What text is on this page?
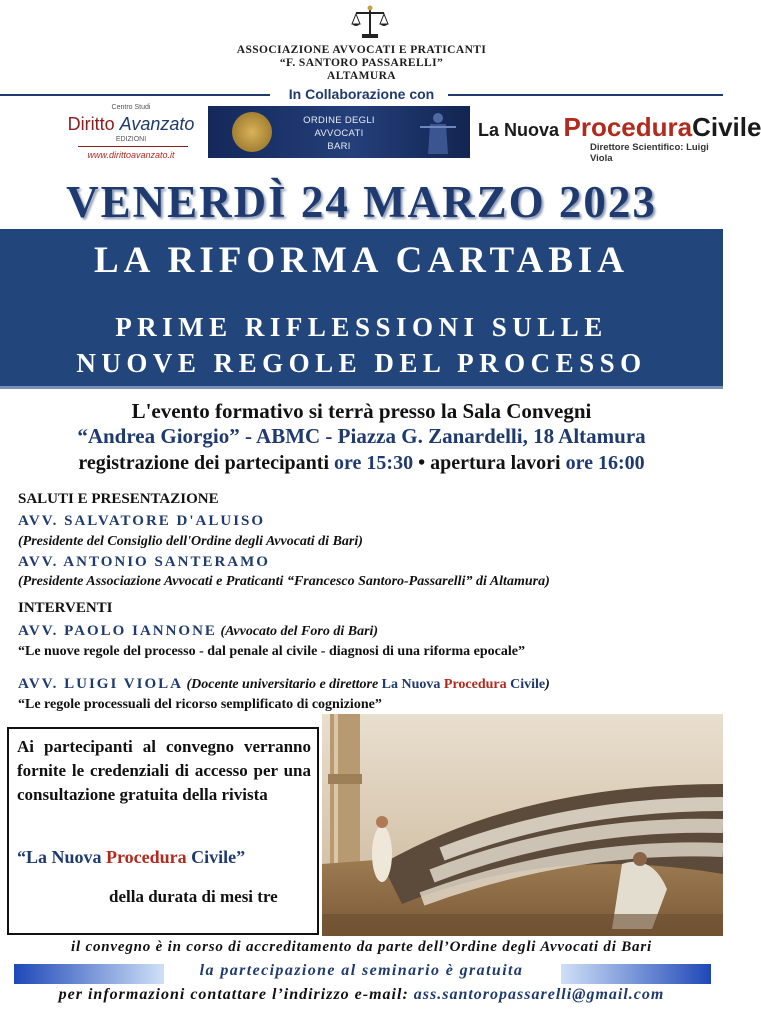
ASSOCIAZIONE AVVOCATI E PRATICANTI
“F. SANTORO PASSARELLI”
ALTAMURA
In Collaborazione con
Centro Studi
Diritto Avanzato
EDIZIONI
www.dirittoavanzato.it
ORDINE DEGLI AVVOCATI
BARI
La Nuova ProceduraCivile
Direttore Scientifico: Luigi Viola
VENERDÌ 24 MARZO 2023
LA RIFORMA CARTABIA
PRIME RIFLESSIONI SULLE
NUOVE REGOLE DEL PROCESSO
L'evento formativo si terrà presso la Sala Convegni
“Andrea Giorgio” - ABMC - Piazza G. Zanardelli, 18 Altamura
registrazione dei partecipanti ore 15:30 • apertura lavori ore 16:00
SALUTI E PRESENTAZIONE
AVV. SALVATORE D'ALUISO
(Presidente del Consiglio dell'Ordine degli Avvocati di Bari)
AVV. ANTONIO SANTERAMO
(Presidente Associazione Avvocati e Praticanti “Francesco Santoro-Passarelli” di Altamura)
INTERVENTI
AVV. PAOLO IANNONE (Avvocato del Foro di Bari)
“Le nuove regole del processo - dal penale al civile - diagnosi di una riforma epocale”
AVV. LUIGI VIOLA (Docente universitario e direttore La Nuova Procedura Civile)
“Le regole processuali del ricorso semplificato di cognizione”
Ai partecipanti al convegno verranno fornite le credenziali di accesso per una consultazione gratuita della rivista
“La Nuova Procedura Civile”
della durata di mesi tre
il convegno è in corso di accreditamento da parte dell’Ordine degli Avvocati di Bari
la partecipazione al seminario è gratuita
per informazioni contattare l’indirizzo e-mail: ass.santoropassarelli@gmail.com
